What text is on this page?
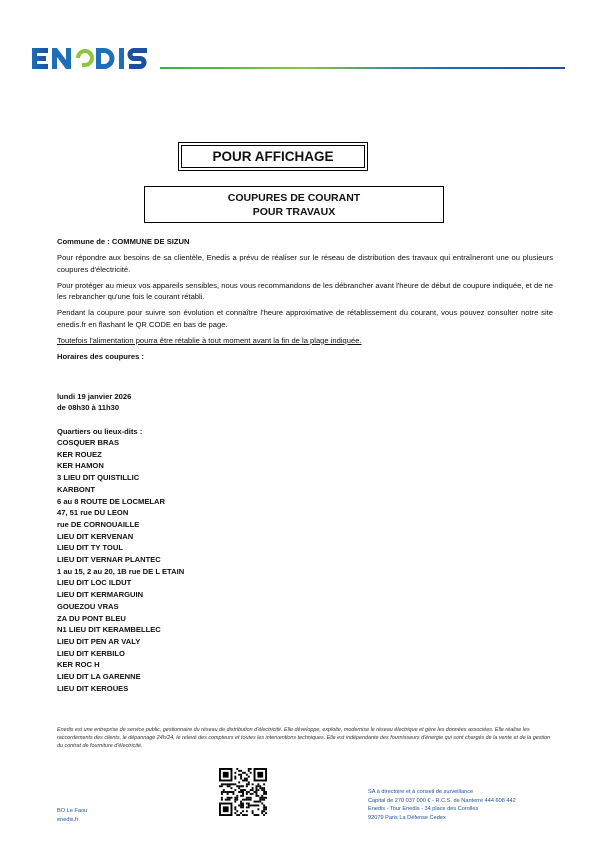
POUR AFFICHAGE
COUPURES DE COURANT
POUR TRAVAUX

Commune de : COMMUNE DE SIZUN

Pour répondre aux besoins de sa clientèle, Enedis a prévu de réaliser sur le réseau de distribution des travaux qui entraîneront une ou plusieurs coupures d'électricité.

Pour protéger au mieux vos appareils sensibles, nous vous recommandons de les débrancher avant l'heure de début de coupure indiquée, et de ne les rebrancher qu'une fois le courant rétabli.

Pendant la coupure pour suivre son évolution et connaître l'heure approximative de rétablissement du courant, vous pouvez consulter notre site enedis.fr en flashant le QR CODE en bas de page.

Toutefois l'alimentation pourra être rétablie à tout moment avant la fin de la plage indiquée.

Horaires des coupures :

lundi 19 janvier 2026
de 08h30 à 11h30
Quartiers ou lieux-dits :
COSQUER BRAS
KER ROUEZ
KER HAMON
3 LIEU DIT QUISTILLIC
KARBONT
6 au 8 ROUTE DE LOCMELAR
47, 51 rue DU LEON
rue DE CORNOUAILLE
LIEU DIT KERVENAN
LIEU DIT TY TOUL
LIEU DIT VERNAR PLANTEC
1 au 15, 2 au 20, 1B rue DE L ETAIN
LIEU DIT LOC ILDUT
LIEU DIT KERMARGUIN
GOUEZOU VRAS
ZA DU PONT BLEU
N1 LIEU DIT KERAMBELLEC
LIEU DIT PEN AR VALY
LIEU DIT KERBILO
KER ROC H
LIEU DIT LA GARENNE
LIEU DIT KEROUES
Enedis est une entreprise de service public, gestionnaire du réseau de distribution d'électricité. Elle développe, exploite, modernise le réseau électrique et gère les données associées. Elle réalise les raccordements des clients, le dépannage 24h/24, le relevé des compteurs et toutes les interventions techniques. Elle est indépendante des fournisseurs d'énergie qui sont chargés de la vente et de la gestion du contrat de fourniture d'électricité.
BO Le Faou
enedis.fr
SA à directoire et à conseil de surveillance
Capital de 270 037 000 € - R.C.S. de Nanterre 444 608 442
Enedis - Tour Enedis - 34 place des Corolles
92079 Paris La Défense Cedex
